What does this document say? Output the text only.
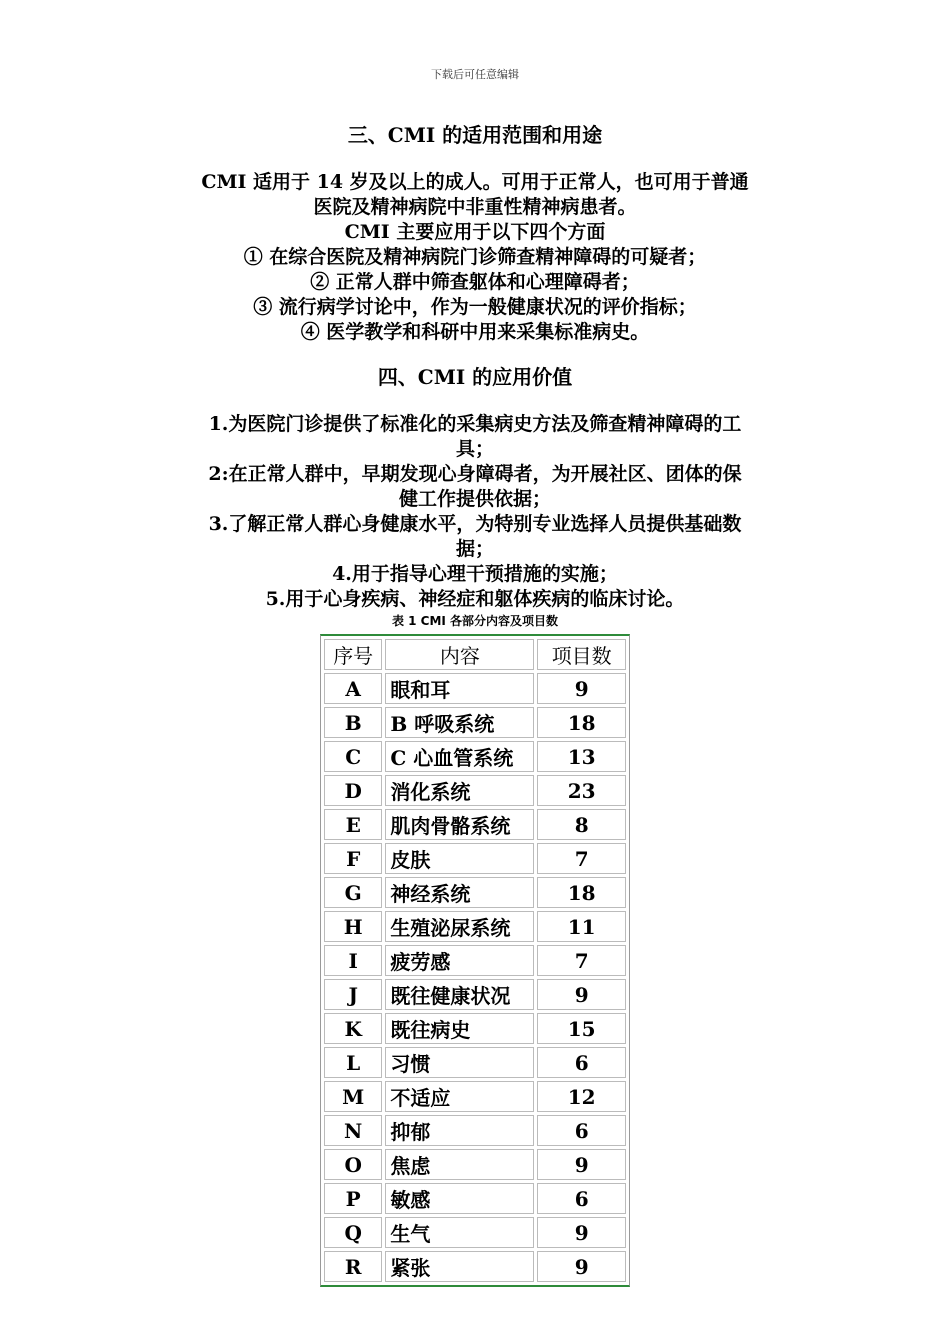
下载后可任意编辑

三、CMI 的适用范围和用途

CMI 适用于 14 岁及以上的成人。可用于正常人，也可用于普通

医院及精神病院中非重性精神病患者。

CMI 主要应用于以下四个方面

① 在综合医院及精神病院门诊筛查精神障碍的可疑者；

② 正常人群中筛查躯体和心理障碍者；

③ 流行病学讨论中，作为一般健康状况的评价指标；

④ 医学教学和科研中用来采集标准病史。

四、CMI 的应用价值

1.为医院门诊提供了标准化的采集病史方法及筛查精神障碍的工

具；

2:在正常人群中，早期发现心身障碍者，为开展社区、团体的保

健工作提供依据；

3.了解正常人群心身健康水平，为特别专业选择人员提供基础数

据；

4.用于指导心理干预措施的实施；

5.用于心身疾病、神经症和躯体疾病的临床讨论。

表 1 CMI 各部分内容及项目数
序号	内容	项目数
A	眼和耳	9
B	B 呼吸系统	18
C	C 心血管系统	13
D	消化系统	23
E	肌肉骨骼系统	8
F	皮肤	7
G	神经系统	18
H	生殖泌尿系统	11
I	疲劳感	7
J	既往健康状况	9
K	既往病史	15
L	习惯	6
M	不适应	12
N	抑郁	6
O	焦虑	9
P	敏感	6
Q	生气	9
R	紧张	9
